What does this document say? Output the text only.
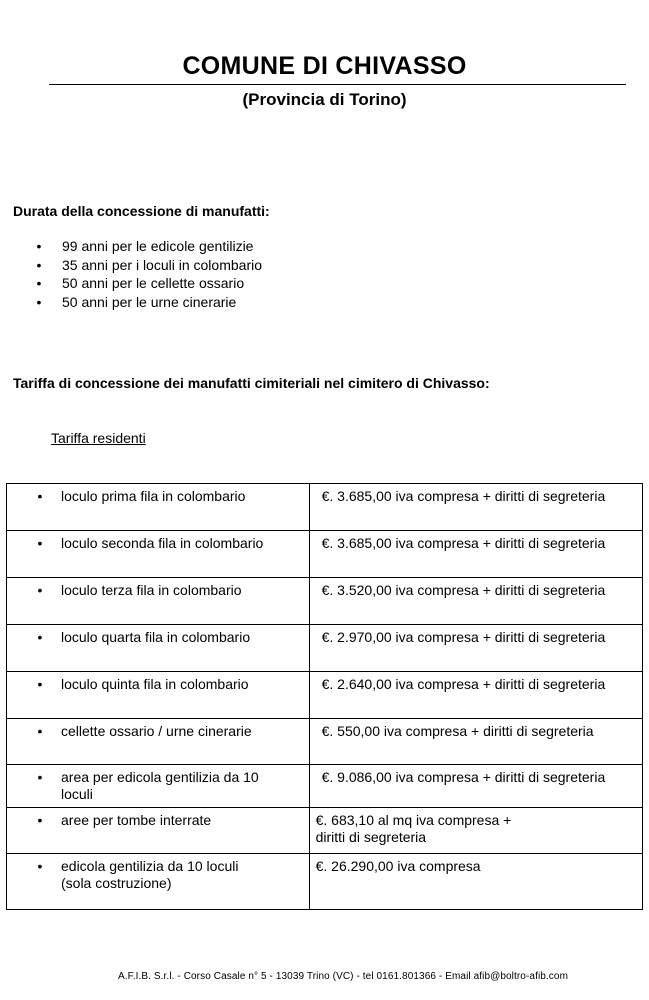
COMUNE DI CHIVASSO
(Provincia di Torino)
Durata della concessione di manufatti:
• 99 anni per le edicole gentilizie
• 35 anni per i loculi in colombario
• 50 anni per le cellette ossario
• 50 anni per le urne cinerarie
Tariffa di concessione dei manufatti cimiteriali nel cimitero di Chivasso:
Tariffa residenti
• loculo prima fila in colombario	€. 3.685,00 iva compresa + diritti di segreteria

• loculo seconda fila in colombario	€. 3.685,00 iva compresa + diritti di segreteria

• loculo terza fila in colombario	€. 3.520,00 iva compresa + diritti di segreteria

• loculo quarta fila in colombario	€. 2.970,00 iva compresa + diritti di segreteria

• loculo quinta fila in colombario	€. 2.640,00 iva compresa + diritti di segreteria

• cellette ossario / urne cinerarie	€. 550,00 iva compresa + diritti di segreteria

• area per edicola gentilizia da 10
loculi	€. 9.086,00 iva compresa + diritti di segreteria

• aree per tombe interrate	€. 683,10 al mq iva compresa +
diritti di segreteria

• edicola gentilizia da 10 loculi
(sola costruzione)	€. 26.290,00 iva compresa
A.F.I.B. S.r.l. - Corso Casale n° 5 - 13039 Trino (VC) - tel 0161.801366 - Email afib@boltro-afib.com
